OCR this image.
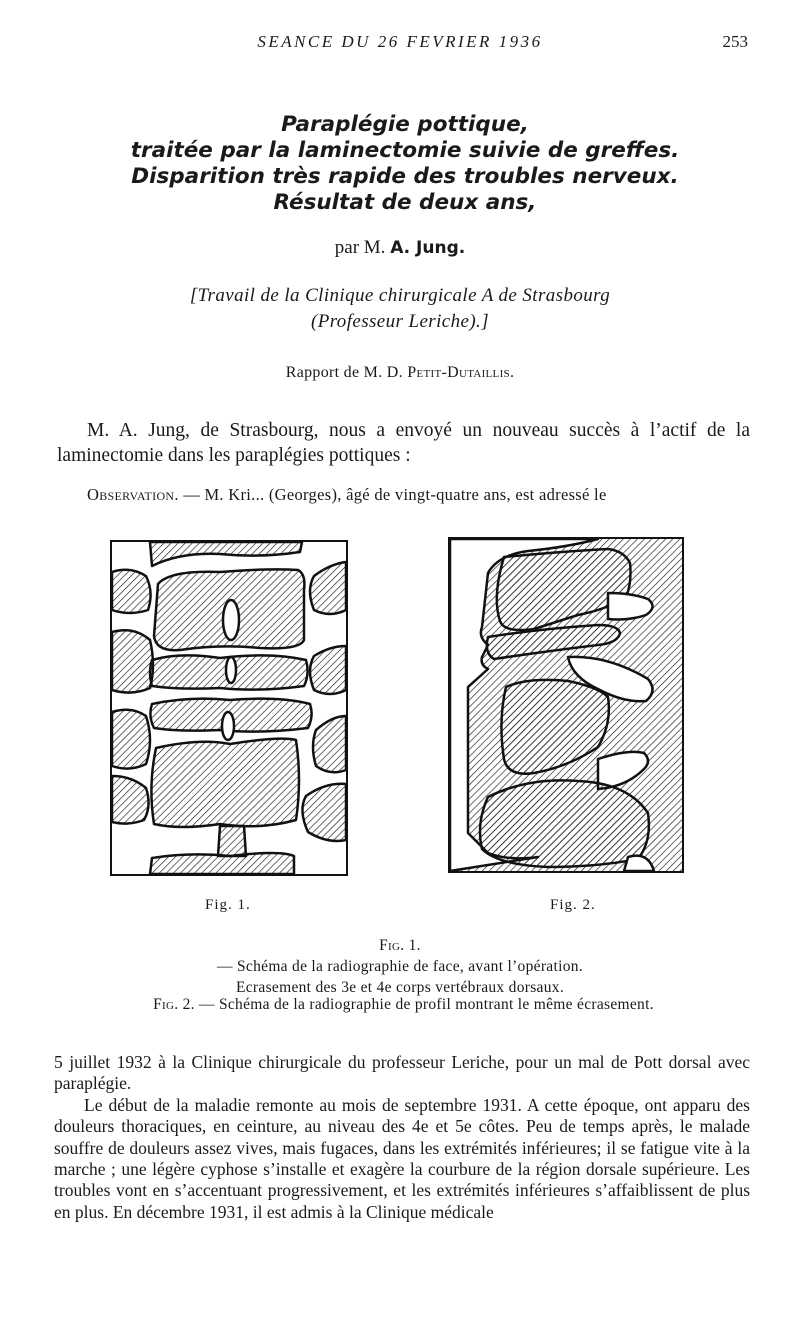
SEANCE DU 26 FEVRIER 1936	253
Paraplégie pottique,
traitée par la laminectomie suivie de greffes.
Disparition très rapide des troubles nerveux.
Résultat de deux ans,
par M. A. Jung.
[Travail de la Clinique chirurgicale A de Strasbourg
(Professeur Leriche).]
Rapport de M. D. Petit-Dutaillis.
M. A. Jung, de Strasbourg, nous a envoyé un nouveau succès à l’actif de la laminectomie dans les paraplégies pottiques :
Observation. — M. Kri... (Georges), âgé de vingt-quatre ans, est adressé le
Fig. 1.	Fig. 2.
Fig. 1.
— Schéma de la radiographie de face, avant l’opération.
Ecrasement des 3e et 4e corps vertébraux dorsaux.
Fig. 2. — Schéma de la radiographie de profil montrant le même écrasement.

5 juillet 1932 à la Clinique chirurgicale du professeur Leriche, pour un mal de Pott dorsal avec paraplégie.

Le début de la maladie remonte au mois de septembre 1931. A cette époque, ont apparu des douleurs thoraciques, en ceinture, au niveau des 4e et 5e côtes. Peu de temps après, le malade souffre de douleurs assez vives, mais fugaces, dans les extrémités inférieures; il se fatigue vite à la marche ; une légère cyphose s’installe et exagère la courbure de la région dorsale supérieure. Les troubles vont en s’accentuant progressivement, et les extrémités inférieures s’affaiblissent de plus en plus. En décembre 1931, il est admis à la Clinique médicale
